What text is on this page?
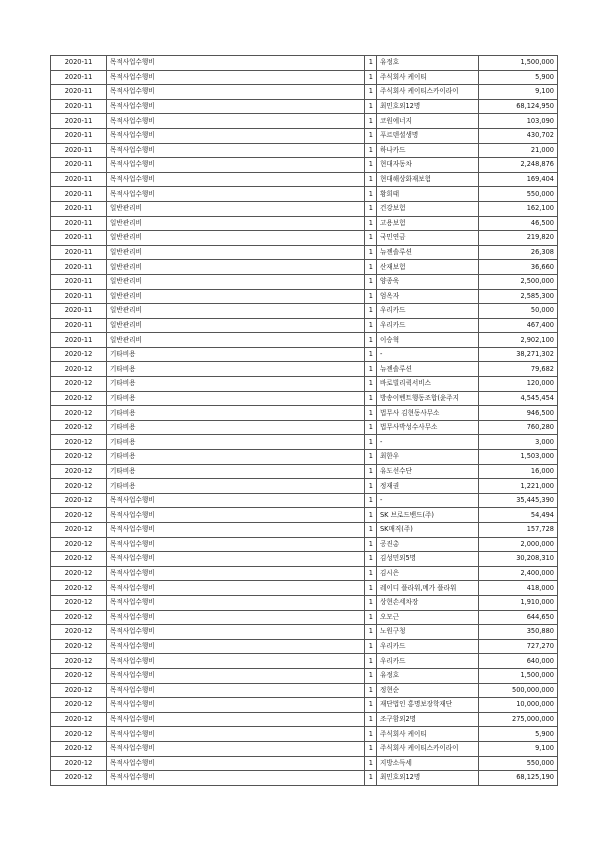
2020-11	목적사업수행비	1	유정호	1,500,000
2020-11	목적사업수행비	1	주식회사 케이티	5,900
2020-11	목적사업수행비	1	주식회사 케이티스카이라이	9,100
2020-11	목적사업수행비	1	최민호외12명	68,124,950
2020-11	목적사업수행비	1	코원에너지	103,090
2020-11	목적사업수행비	1	푸르덴셜생명	430,702
2020-11	목적사업수행비	1	하나카드	21,000
2020-11	목적사업수행비	1	현대자동차	2,248,876
2020-11	목적사업수행비	1	현대해상화재보험	169,404
2020-11	목적사업수행비	1	황희태	550,000
2020-11	일반관리비	1	건강보험	162,100
2020-11	일반관리비	1	고용보험	46,500
2020-11	일반관리비	1	국민연금	219,820
2020-11	일반관리비	1	뉴젠솔루션	26,308
2020-11	일반관리비	1	산재보험	36,660
2020-11	일반관리비	1	양종욱	2,500,000
2020-11	일반관리비	1	엄옥자	2,585,300
2020-11	일반관리비	1	우리카드	50,000
2020-11	일반관리비	1	우리카드	467,400
2020-11	일반관리비	1	이승혁	2,902,100
2020-12	기타비용	1	-	38,271,302
2020-12	기타비용	1	뉴젠솔루션	79,682
2020-12	기타비용	1	바로빌리퀵서비스	120,000
2020-12	기타비용	1	방송이벤트행동조합(윤주지	4,545,454
2020-12	기타비용	1	법무사 김현동사무소	946,500
2020-12	기타비용	1	법무사박성수사무소	760,280
2020-12	기타비용	1	-	3,000
2020-12	기타비용	1	최한우	1,503,000
2020-12	기타비용	1	유도선수단	16,000
2020-12	기타비용	1	정재권	1,221,000
2020-12	목적사업수행비	1	-	35,445,390
2020-12	목적사업수행비	1	SK 브로드밴드(주)	54,494
2020-12	목적사업수행비	1	SK매직(주)	157,728
2020-12	목적사업수행비	1	공진총	2,000,000
2020-12	목적사업수행비	1	김성민외5명	30,208,310
2020-12	목적사업수행비	1	김시은	2,400,000
2020-12	목적사업수행비	1	레이디 플라워,메가 플라워	418,000
2020-12	목적사업수행비	1	상현손세차장	1,910,000
2020-12	목적사업수행비	1	오모근	644,650
2020-12	목적사업수행비	1	노원구청	350,880
2020-12	목적사업수행비	1	우리카드	727,270
2020-12	목적사업수행비	1	우리카드	640,000
2020-12	목적사업수행비	1	유정호	1,500,000
2020-12	목적사업수행비	1	정현순	500,000,000
2020-12	목적사업수행비	1	재단법인 홍명보장학재단	10,000,000
2020-12	목적사업수행비	1	조구함외2명	275,000,000
2020-12	목적사업수행비	1	주식회사 케이티	5,900
2020-12	목적사업수행비	1	주식회사 케이티스카이라이	9,100
2020-12	목적사업수행비	1	지방소득세	550,000
2020-12	목적사업수행비	1	최민호외12명	68,125,190
